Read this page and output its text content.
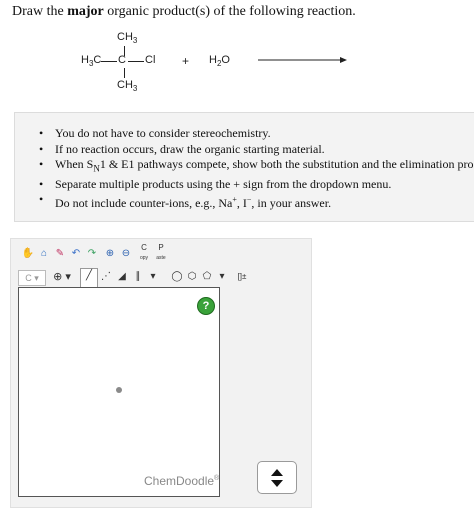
Draw the major organic product(s) of the following reaction.
$CH_3$
$H_3C$ C Cl
$CH_3$
+ $H_2O$
• You do not have to consider stereochemistry.
• If no reaction occurs, draw the organic starting material.
• When $S_N1$ & E1 pathways compete, show both the substitution and the elimination pro
• Separate multiple products using the + sign from the dropdown menu.
• Do not include counter-ions, e.g., Na+, I−, in your answer.
✋ ⌂ ✎ ↶ ↷ ⊕ ⊖
C
opy
P
aste
C ▾	⊕ ▾	╱ ⋰ ◢ ∥ ▾	◯ ⬡ ⬠ ▾	[]±
?
ChemDoodle®
